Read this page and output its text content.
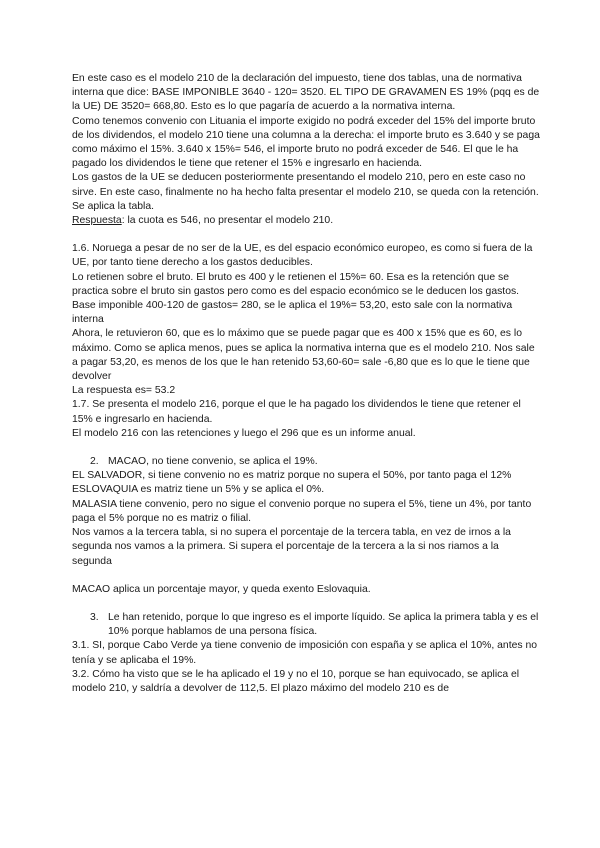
En este caso es el modelo 210 de la declaración del impuesto, tiene dos tablas, una de normativa interna que dice: BASE IMPONIBLE 3640 - 120= 3520. EL TIPO DE GRAVAMEN ES 19% (pqq es de la UE) DE 3520= 668,80. Esto es lo que pagaría de acuerdo a la normativa interna.

Como tenemos convenio con Lituania el importe exigido no podrá exceder del 15% del importe bruto de los dividendos, el modelo 210 tiene una columna a la derecha: el importe bruto es 3.640 y se paga como máximo el 15%. 3.640 x 15%= 546, el importe bruto no podrá exceder de 546. El que le ha pagado los dividendos le tiene que retener el 15% e ingresarlo en hacienda.

Los gastos de la UE se deducen posteriormente presentando el modelo 210, pero en este caso no sirve. En este caso, finalmente no ha hecho falta presentar el modelo 210, se queda con la retención. Se aplica la tabla.

Respuesta: la cuota es 546, no presentar el modelo 210.

1.6. Noruega a pesar de no ser de la UE, es del espacio económico europeo, es como si fuera de la UE, por tanto tiene derecho a los gastos deducibles.

Lo retienen sobre el bruto. El bruto es 400 y le retienen el 15%= 60. Esa es la retención que se practica sobre el bruto sin gastos pero como es del espacio económico se le deducen los gastos. Base imponible 400-120 de gastos= 280, se le aplica el 19%= 53,20, esto sale con la normativa interna

Ahora, le retuvieron 60, que es lo máximo que se puede pagar que es 400 x 15% que es 60, es lo máximo. Como se aplica menos, pues se aplica la normativa interna que es el modelo 210. Nos sale a pagar 53,20, es menos de los que le han retenido 53,60-60= sale -6,80 que es lo que le tiene que devolver

La respuesta es= 53.2

1.7. Se presenta el modelo 216, porque el que le ha pagado los dividendos le tiene que retener el 15% e ingresarlo en hacienda.

El modelo 216 con las retenciones y luego el 296 que es un informe anual.

2. MACAO, no tiene convenio, se aplica el 19%.

EL SALVADOR, si tiene convenio no es matriz porque no supera el 50%, por tanto paga el 12%

ESLOVAQUIA es matriz tiene un 5% y se aplica el 0%.

MALASIA tiene convenio, pero no sigue el convenio porque no supera el 5%, tiene un 4%, por tanto paga el 5% porque no es matriz o filial.

Nos vamos a la tercera tabla, si no supera el porcentaje de la tercera tabla, en vez de irnos a la segunda nos vamos a la primera. Si supera el porcentaje de la tercera a la si nos riamos a la segunda

MACAO aplica un porcentaje mayor, y queda exento Eslovaquia.

3. Le han retenido, porque lo que ingreso es el importe líquido. Se aplica la primera tabla y es el 10% porque hablamos de una persona física.

3.1. SI, porque Cabo Verde ya tiene convenio de imposición con españa y se aplica el 10%, antes no tenía y se aplicaba el 19%.

3.2. Cómo ha visto que se le ha aplicado el 19 y no el 10, porque se han equivocado, se aplica el modelo 210, y saldría a devolver de 112,5. El plazo máximo del modelo 210 es de
